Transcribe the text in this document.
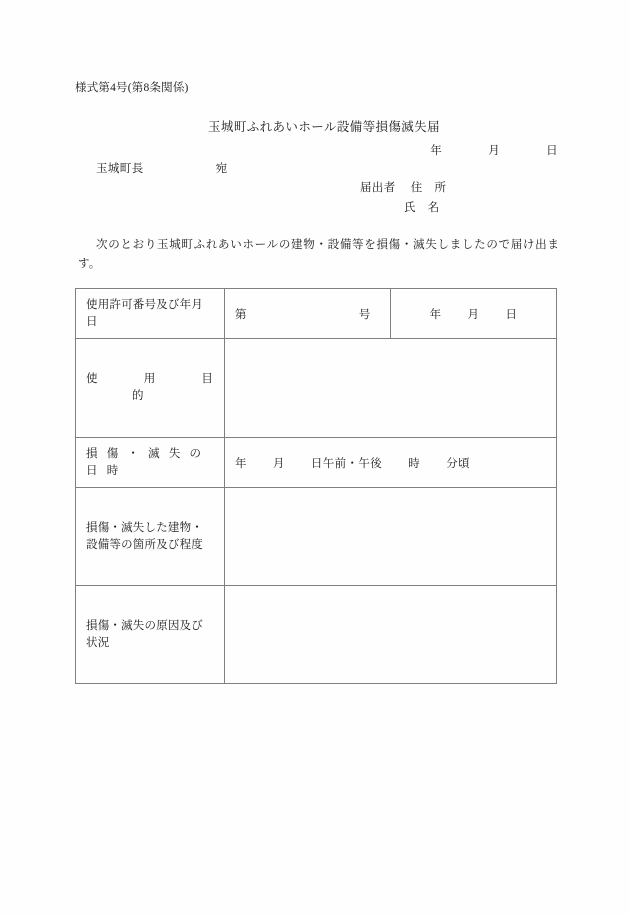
様式第4号(第8条関係)
玉城町ふれあいホール設備等損傷滅失届
年	月	日
玉城町長	宛
届出者 住　所
氏　名
次のとおり玉城町ふれあいホールの建物・設備等を損傷・滅失しましたので届け出ます。
使用許可番号及び年月日	第 号	年 月 日
使 用 目的		
損 傷 ・ 滅 失 の日 時	年 月 日午前・午後 時 分頃	
損傷・滅失した建物・設備等の箇所及び程度		
損傷・滅失の原因及び状況		
